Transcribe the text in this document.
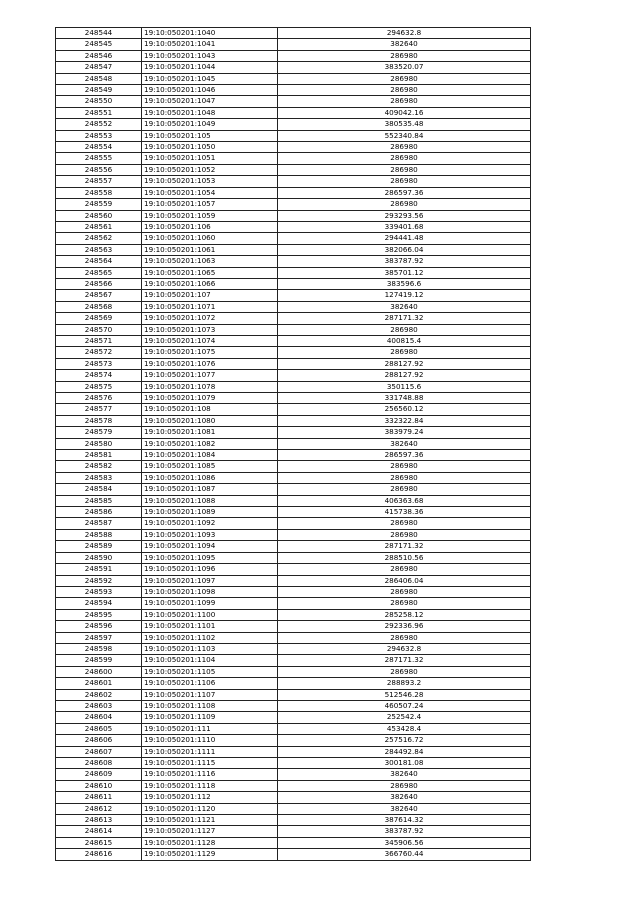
248544	19:10:050201:1040	294632.8
248545	19:10:050201:1041	382640
248546	19:10:050201:1043	286980
248547	19:10:050201:1044	383520.07
248548	19:10:050201:1045	286980
248549	19:10:050201:1046	286980
248550	19:10:050201:1047	286980
248551	19:10:050201:1048	409042.16
248552	19:10:050201:1049	380535.48
248553	19:10:050201:105	552340.84
248554	19:10:050201:1050	286980
248555	19:10:050201:1051	286980
248556	19:10:050201:1052	286980
248557	19:10:050201:1053	286980
248558	19:10:050201:1054	286597.36
248559	19:10:050201:1057	286980
248560	19:10:050201:1059	293293.56
248561	19:10:050201:106	339401.68
248562	19:10:050201:1060	294441.48
248563	19:10:050201:1061	382066.04
248564	19:10:050201:1063	383787.92
248565	19:10:050201:1065	385701.12
248566	19:10:050201:1066	383596.6
248567	19:10:050201:107	127419.12
248568	19:10:050201:1071	382640
248569	19:10:050201:1072	287171.32
248570	19:10:050201:1073	286980
248571	19:10:050201:1074	400815.4
248572	19:10:050201:1075	286980
248573	19:10:050201:1076	288127.92
248574	19:10:050201:1077	288127.92
248575	19:10:050201:1078	350115.6
248576	19:10:050201:1079	331748.88
248577	19:10:050201:108	256560.12
248578	19:10:050201:1080	332322.84
248579	19:10:050201:1081	383979.24
248580	19:10:050201:1082	382640
248581	19:10:050201:1084	286597.36
248582	19:10:050201:1085	286980
248583	19:10:050201:1086	286980
248584	19:10:050201:1087	286980
248585	19:10:050201:1088	406363.68
248586	19:10:050201:1089	415738.36
248587	19:10:050201:1092	286980
248588	19:10:050201:1093	286980
248589	19:10:050201:1094	287171.32
248590	19:10:050201:1095	288510.56
248591	19:10:050201:1096	286980
248592	19:10:050201:1097	286406.04
248593	19:10:050201:1098	286980
248594	19:10:050201:1099	286980
248595	19:10:050201:1100	285258.12
248596	19:10:050201:1101	292336.96
248597	19:10:050201:1102	286980
248598	19:10:050201:1103	294632.8
248599	19:10:050201:1104	287171.32
248600	19:10:050201:1105	286980
248601	19:10:050201:1106	288893.2
248602	19:10:050201:1107	512546.28
248603	19:10:050201:1108	460507.24
248604	19:10:050201:1109	252542.4
248605	19:10:050201:111	453428.4
248606	19:10:050201:1110	257516.72
248607	19:10:050201:1111	284492.84
248608	19:10:050201:1115	300181.08
248609	19:10:050201:1116	382640
248610	19:10:050201:1118	286980
248611	19:10:050201:112	382640
248612	19:10:050201:1120	382640
248613	19:10:050201:1121	387614.32
248614	19:10:050201:1127	383787.92
248615	19:10:050201:1128	345906.56
248616	19:10:050201:1129	366760.44
